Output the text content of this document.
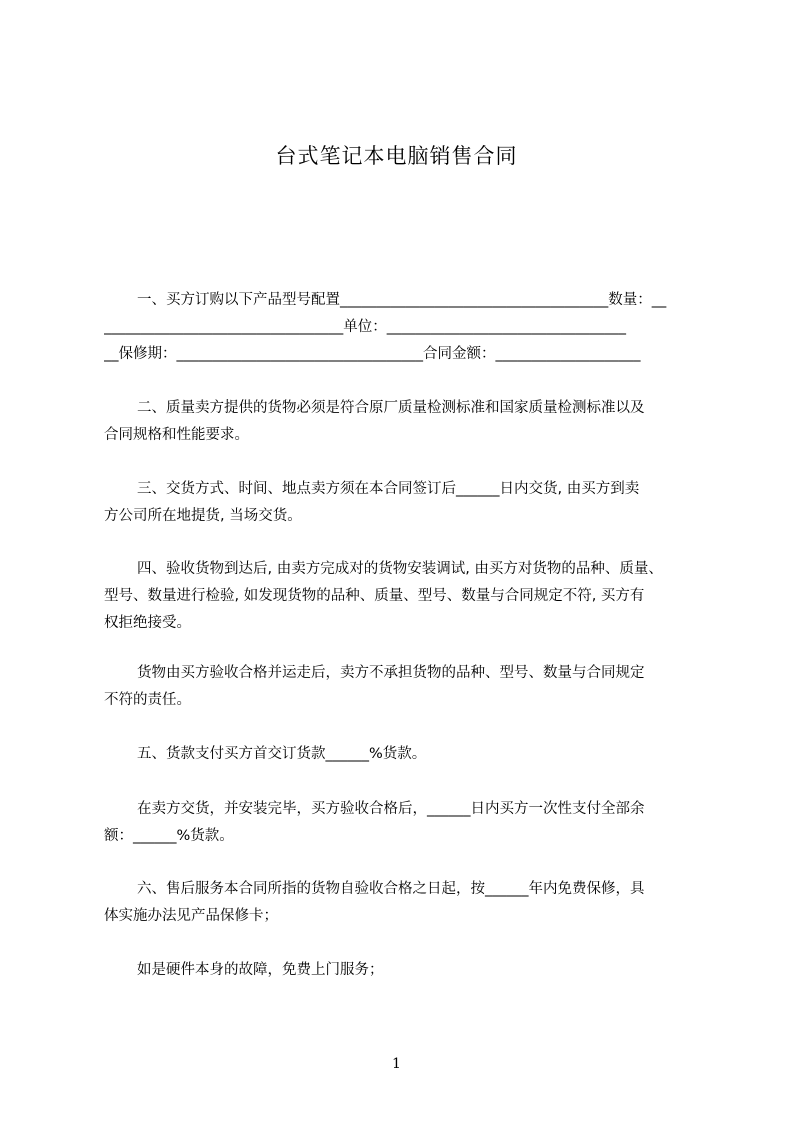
台式笔记本电脑销售合同
一、买方订购以下产品型号配置_____________________________________数量：__
_________________________________单位：_________________________________
__保修期：__________________________________合同金额：____________________
二、质量卖方提供的货物必须是符合原厂质量检测标准和国家质量检测标准以及
合同规格和性能要求。
三、交货方式、时间、地点卖方须在本合同签订后______日内交货, 由买方到卖
方公司所在地提货, 当场交货。
四、验收货物到达后, 由卖方完成对的货物安装调试, 由买方对货物的品种、质量、
型号、数量进行检验, 如发现货物的品种、质量、型号、数量与合同规定不符, 买方有
权拒绝接受。
货物由买方验收合格并运走后，卖方不承担货物的品种、型号、数量与合同规定
不符的责任。
五、货款支付买方首交订货款______%货款。
在卖方交货，并安装完毕，买方验收合格后，______日内买方一次性支付全部余
额：______%货款。
六、售后服务本合同所指的货物自验收合格之日起，按______年内免费保修，具
体实施办法见产品保修卡；
如是硬件本身的故障，免费上门服务；
1
